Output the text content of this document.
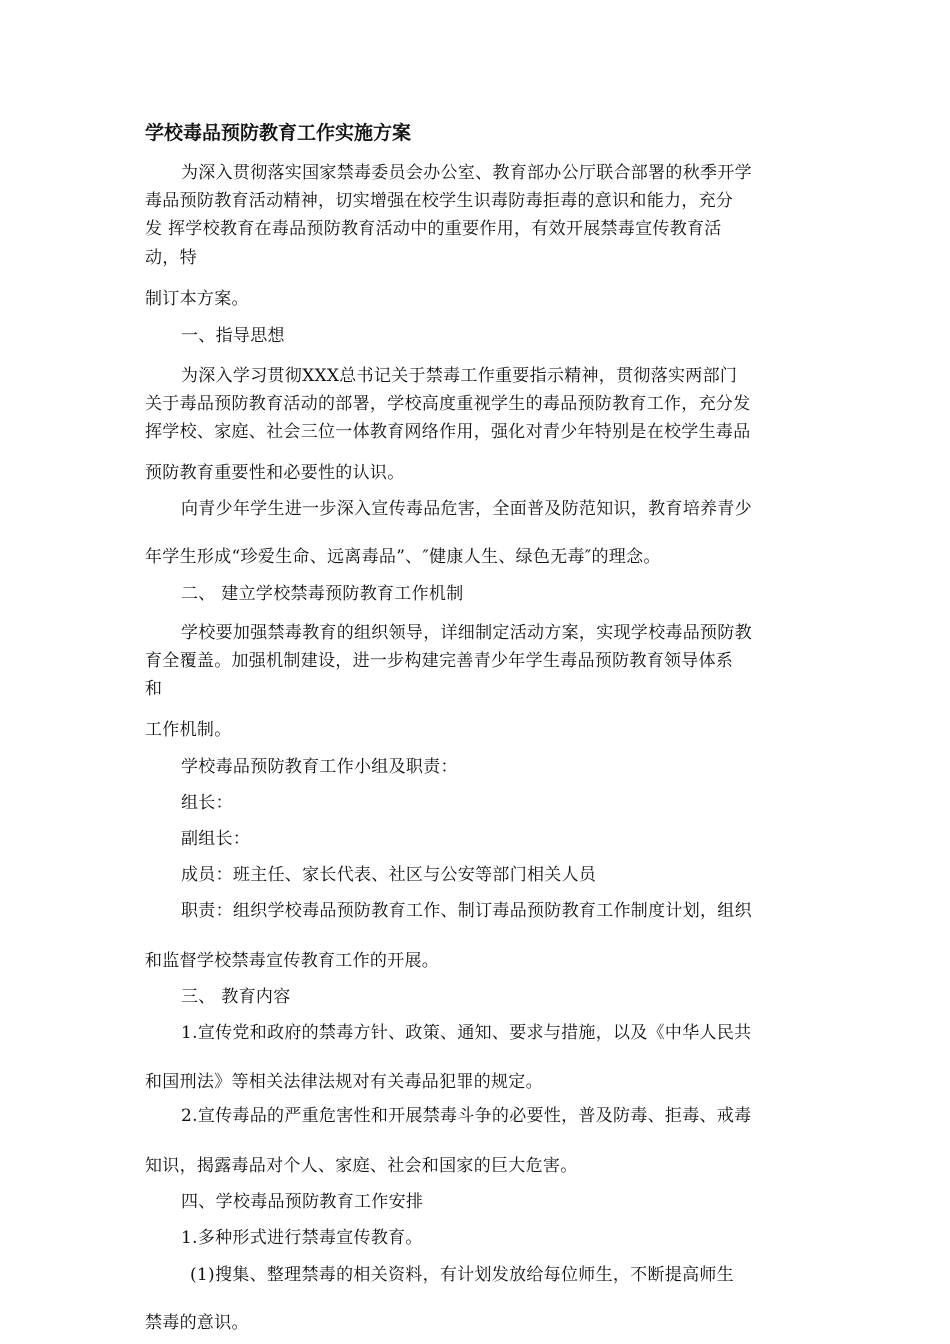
学校毒品预防教育工作实施方案
为深入贯彻落实国家禁毒委员会办公室、教育部办公厅联合部署的秋季开学
毒品预防教育活动精神，切实增强在校学生识毒防毒拒毒的意识和能力，充分
发 挥学校教育在毒品预防教育活动中的重要作用，有效开展禁毒宣传教育活
动，特
制订本方案。
一、指导思想
为深入学习贯彻XXX总书记关于禁毒工作重要指示精神，贯彻落实两部门
关于毒品预防教育活动的部署，学校高度重视学生的毒品预防教育工作，充分发
挥学校、家庭、社会三位一体教育网络作用，强化对青少年特别是在校学生毒品
预防教育重要性和必要性的认识。
向青少年学生进一步深入宣传毒品危害，全面普及防范知识，教育培养青少
年学生形成“珍爱生命、远离毒品”、″健康人生、绿色无毒″的理念。
二、 建立学校禁毒预防教育工作机制
学校要加强禁毒教育的组织领导，详细制定活动方案，实现学校毒品预防教
育全覆盖。加强机制建设，进一步构建完善青少年学生毒品预防教育领导体系
和
工作机制。
学校毒品预防教育工作小组及职责：
组长：
副组长：
成员：班主任、家长代表、社区与公安等部门相关人员
职责：组织学校毒品预防教育工作、制订毒品预防教育工作制度计划，组织
和监督学校禁毒宣传教育工作的开展。
三、 教育内容
1.宣传党和政府的禁毒方针、政策、通知、要求与措施，以及《中华人民共
和国刑法》等相关法律法规对有关毒品犯罪的规定。
2.宣传毒品的严重危害性和开展禁毒斗争的必要性，普及防毒、拒毒、戒毒
知识，揭露毒品对个人、家庭、社会和国家的巨大危害。
四、学校毒品预防教育工作安排
1.多种形式进行禁毒宣传教育。
(1)搜集、整理禁毒的相关资料，有计划发放给每位师生，不断提高师生
禁毒的意识。
